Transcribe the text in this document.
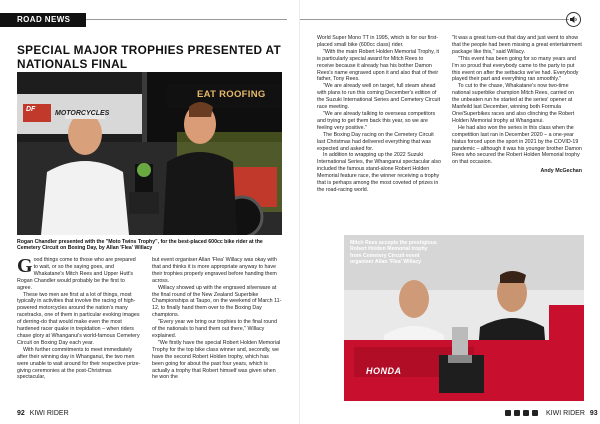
ROAD NEWS
SPECIAL MAJOR TROPHIES PRESENTED AT NATIONALS FINAL
DF
MOTORCYCLES
EAT ROOFING
Rogan Chandler presented with the "Moto Twins Trophy", for the best-placed 600cc bike rider at the Cemetery Circuit on Boxing Day, by Allan 'Flea' Willacy
G ood things come to those who are prepared to wait, or so the saying goes, and Whakatane's Mitch Rees and Upper Hutt's Rogan Chandler would probably be the first to agree.

These two men are first at a lot of things, most typically in activities that involve the racing of high-powered motorcycles around the nation's many racetracks, one of them in particular evoking images of derring-do that would make even the most hardened racer quake in trepidation – when riders chase glory at Whanganui's world-famous Cemetery Circuit on Boxing Day each year.

With further commitments to meet immediately after their winning day in Whanganui, the two men were unable to wait around for their respective prize-giving ceremonies at the post-Christmas spectacular,

but event organiser Allan 'Flea' Willacy was okay with that and thinks it is more appropriate anyway to have their trophies properly engraved before handing them across.

Willacy showed up with the engraved silverware at the final round of the New Zealand Superbike Championships at Taupo, on the weekend of March 11-12, to finally hand them over to the Boxing Day champions.

"Every year we bring our trophies to the final round of the nationals to hand them out there," Willacy explained.

"We firstly have the special Robert Holden Memorial Trophy for the top bike class winner and, secondly, we have the second Robert Holden trophy, which has been going for about the past four years, which is actually a trophy that Robert himself was given when he won the

92 KIWI RIDER

World Super Mono TT in 1995, which is for our first-placed small bike (600cc class) rider.

"With the main Robert Holden Memorial Trophy, it is particularly special award for Mitch Rees to receive because it already has his bother Damon Rees's name engraved upon it and also that of their father, Tony Rees.

"We are already well on target, full steam ahead with plans to run this coming December's edition of the Suzuki International Series and Cemetery Circuit race meeting.

"We are already talking to overseas competitors and trying to get them back this year, so we are feeling very positive."

The Boxing Day racing on the Cemetery Circuit last Christmas had delivered everything that was expected and asked for.

In addition to wrapping up the 2022 Suzuki International Series, the Whanganui spectacular also included the famous stand-alone Robert Holden Memorial feature race, the winner receiving a trophy that is perhaps among the most coveted of prizes in the road-racing world.

"It was a great turn-out that day and just went to show that the people had been missing a great entertainment package like this," said Willacy.

"This event has been going for so many years and I'm so proud that everybody came to the party to put this event on after the setbacks we've had. Everybody played their part and everything ran smoothly."

To cut to the chase, Whakatane's now two-time national superbike champion Mitch Rees, carried on the unbeaten run he started at the series' opener at Manfeild last December, winning both Formula One/Superbikes races and also clinching the Robert Holden Memorial trophy at Whanganui.

He had also won the series in this class when the competition last ran in December 2020 – a one-year hiatus forced upon the sport in 2021 by the COVID-19 pandemic – although it was his younger brother Damon Rees who secured the Robert Holden Memorial trophy on that occasion.

Andy McGechan

HONDA
Mitch Rees accepts the prestigious Robert Holden Memorial trophy from Cemetery Circuit event organiser Allan 'Flea' Willacy
KIWI RIDER 93
